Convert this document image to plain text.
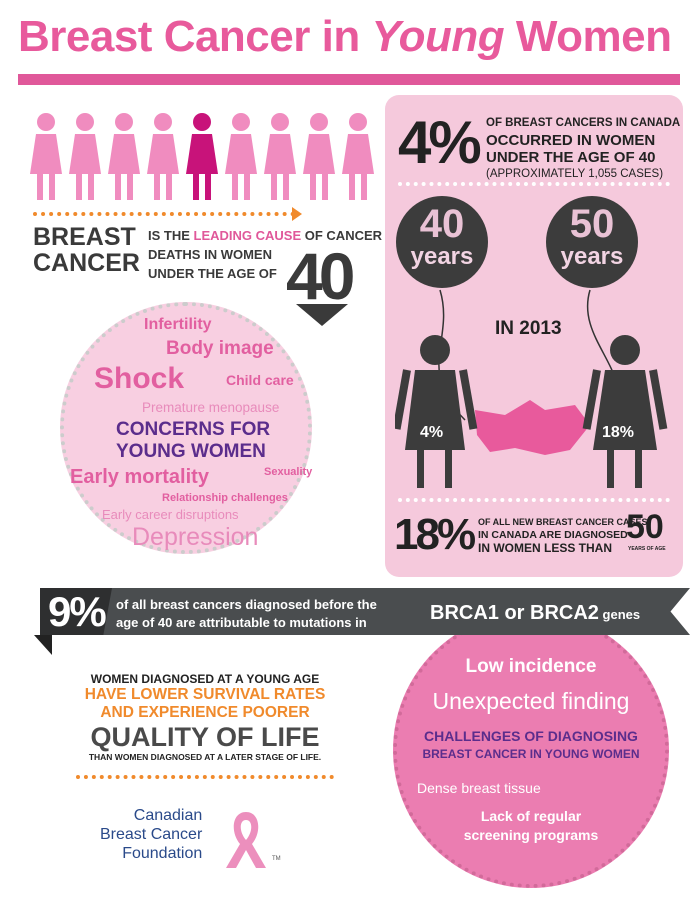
Breast Cancer in Young Women
BREAST CANCER
IS THE LEADING CAUSE OF CANCER
DEATHS IN WOMEN
UNDER THE AGE OF 40
Infertility
Body image
Shock	Child care
Premature menopause
CONCERNS FOR
YOUNG WOMEN
Early mortality	Sexuality
Relationship challenges
Early career disruptions
Depression
4% OF BREAST CANCERS IN CANADA
OCCURRED IN WOMEN
UNDER THE AGE OF 40
(APPROXIMATELY 1,055 CASES)
40
years
50
years
IN 2013
4%	18%
18% OF ALL NEW BREAST CANCER CASES
IN CANADA ARE DIAGNOSED
IN WOMEN LESS THAN
50
YEARS OF AGE
Low incidence
Unexpected finding
CHALLENGES OF DIAGNOSING
BREAST CANCER IN YOUNG WOMEN
Dense breast tissue
Lack of regular
screening programs
9% of all breast cancers diagnosed before the
age of 40 are attributable to mutations in	BRCA1 or BRCA2 genes
WOMEN DIAGNOSED AT A YOUNG AGE
HAVE LOWER SURVIVAL RATES
AND EXPERIENCE POORER
QUALITY OF LIFE
THAN WOMEN DIAGNOSED AT A LATER STAGE OF LIFE.
Canadian
Breast Cancer
Foundation	TM
